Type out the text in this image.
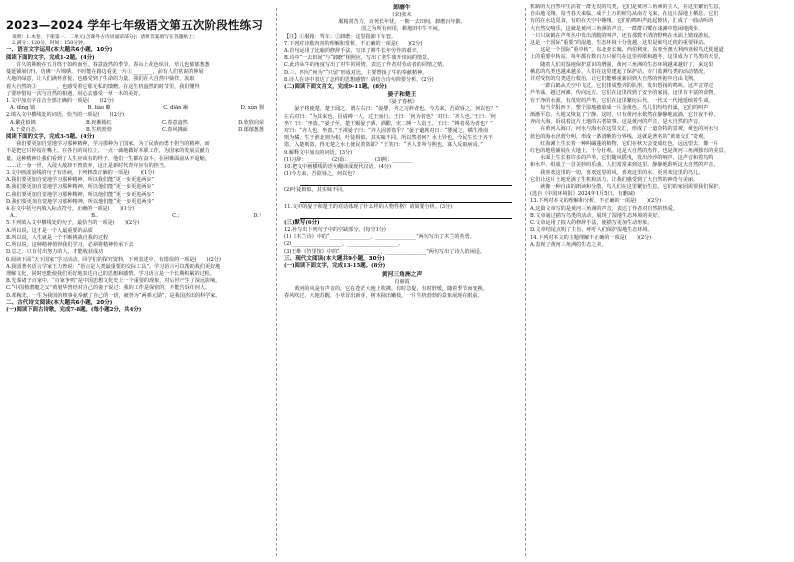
2023—2024 学年七年级语文第五次阶段性练习
说明：1.本卷，下册第一、二单元(含课外古诗词诵读部分)；请将答案填写在答题纸上；
2.满分：120分，时间：150分钟。
一、语言文字运用(本大题共6小题，10分)
阅读下面的文字，完成1-2题。(4分)
　　许久的期盼在五月终于如约而至。春意盎然的季节，春山上花色炫目，草儿也郁郁葱葱
蔓延铺展(开)，仿佛一片锦绣，不时能在路边看见一片①________，前有人们常说的伸展
大地的绿意，让人们满怀喜悦，也感受到了生命的力量。我们在大自然中徜徉，汲取
着大自然的③________，也感受着它那无私的馈赠。在这生机盎然的时节里，我们懂得
了要珍惜每一次与自然的相遇，用心去感受一草一木的美好。
1.文中加点字注音全部正确的一项是(　　)(2分)
A. dìng 镇	B. liào 瞭	C. diān 巅	D. xùn 驯
2.填入文中横线处的词语，恰当的一项是(　　)(2分)
A.繁花似锦	B.姹紫嫣红	C.春意盎然	D.欣欣向荣
A.千姿百态	B.生机勃勃	C.春风拂面	D.郁郁葱葱
阅读下面的文字，完成3-5题。(4分)
　　我们要更加自觉地学习那种精神，学习那种为了国家、为了民族而勇于担当的精神，而
不是把它只停留在嘴上。在各自的岗位上，一点一滴地做好本职工作，为国家的发展贡献力
量。这种精神让我们看到了人生应该有的样子，他们一生都在奋斗，在困难面前从不退缩，
……让一身一世，入侵大敌却不曾放弃，这正是新时代青年应有的担当。
3.文中画波浪线的句子有语病，下列修改正确的一项是(　　)(1分)
A.我们要更加自觉地学习那种精神，所以我们能“更一步更进两步”
B.我们要更加自觉地学习那种精神，所以他们能“更一步更进两步”
C.我们要更加自觉地学习那种精神，所以他们能“更一步更进两步”
D.我们要更加自觉地学习那种精神，所以他们能“更一步更进两步”
4.在文中括号内填入标点符号，正确的一项是(　　)(1分)
A.，	B.。	C.；	D.！
5.下列填入文中横线处的句子，最恰当的一项是(　　)(2分)
A.所以说，这才是一个人最重要的品质
B.所以说，人生就是一个不断挑战自我的过程
C.所以说，这种精神值得我们学习，必须将精神传承下去
D.总之，只有付出努力的人，才能收获成功
6.阅读下面“天下国家”学习活动，同学们的探究资料，下列表述中，有错误的一项是(　　)(2分)
A.我国著名语言学家王力曾说：“语言是人类最重要的交际工具”。学习语言可以帮助我们更好地
理解文化，同时也能使我们更好地表达自己的思想和感情。学习语言是一个长期积累的过程。
B.先秦诸子百家中，“百家争鸣”是中国思想文化史上一个重要的现象，对后世产生了深远影响。
C.“中国核潜艇之父”黄旭华曾经对自己的妻子说过：我的工作是保密的，不能告诉任何人。
D.邓稼先，一生为我国的核事业奉献了自己的一切，被誉为“两弹元勋”，是我国杰出的科学家。
二、古代诗文阅读(本大题共6小题，20分)
(一)阅读下面古诗歌，完成7-8题。(每小题2分，共4分)
卸磨牛
(宋)张未
服箱常苦力，百死长年忧。一朝一去田间，卸磨百年勤。
国之为所有何用，耕地田中牛不闲。
【注】①服箱：驾车；②卸磨：这里指卸下车套。
7.下列对诗歌内容的理解和赏析，不正确的一项是(　　)(2分)
A.首句运用了比喻的修辞手法，写出了耕牛长年劳作的艰辛。
B.诗中“一去田间”与“卸磨”相照应，写出了老牛离开田间的情景。
C.此诗从牛的角度写出了对牛的同情，表达了作者对劳动者的同情之情。
D.三、四句“何为”“只留”形成对比，主要赞扬了牛的奉献精神。
8.诗人在诗中表达了怎样的思想感情？请结合诗句简要分析。(2分)
(二)阅读下面文言文，完成9-11题。(8分)
晏子和楚王
《晏子春秋》
　　晏子将使楚。楚王闻之，谓左右曰：“晏婴，齐之习辞者也。今方来，吾欲辱之，何以也？”
左右对曰：“为其来也，臣请缚一人，过王而行。王曰：‘何为者也？’对曰：‘齐人也。’王曰：‘何
坐？’曰：‘坐盗。’”晏子至，楚王赐晏子酒，酒酣，吏二缚一人诣王。王曰：“缚者曷为者也？”
对曰：“齐人也，坐盗。”王视晏子曰：“齐人固善盗乎？”晏子避席对曰：“婴闻之，橘生淮南
则为橘，生于淮北则为枳，叶徒相似，其实味不同。所以然者何？水土异也。今民生长于齐不
盗，入楚则盗，得无楚之水土使民善盗耶？”王笑曰：“圣人非所与熙也，寡人反取病焉。”
9.解释文中加点的词语。(3分)
(1)习辞：________　(2)诣：________　(3)熙：________
10.把文中画横线的语句翻译成现代汉语。(4分)
(1)今方来，吾欲辱之，何以也？
(2)叶徒相似，其实味不同。
11.文中的晏子和楚王的对话体现了什么样的人物性格？请简要分析。(3分)
(三)默写(6分)
12.补写出下列句子中的空缺部分。(每空1分)
(1)《木兰诗》中的“________________，________________”两句写出了木兰的英勇。
(2)____________________，____________________。
(3)王维《竹里馆》中的“________________，________________”两句写出了诗人的闲适。
三、现代文阅读(本大题共9小题，30分)
(一)阅读下面文字，完成13-15题。(8分)
黄河三角洲之声
肖丽霞
　　黄河的风是有声音的，它在苍茫大地上吹拂。有时急促，有时舒缓，随着季节而变换。
春风吹过，大地苏醒，小草冒出新芽，树木抽出嫩枝，一片生机勃勃的景象展现在眼前。
机制的大自然中生活着一群无畏的鸟类，它们是黄河三角洲的主人，在这里繁衍生息，
自由地飞翔。每当春天来临，成千上万的候鸟从南方飞来，在这片湿地上栖息，它们
有的在水边觅食，有的在天空中翱翔。它们的鸣叫声此起彼伏，汇成了一曲动听的
大自然交响乐，这就是黄河三角洲的声音。一群群白鹭在浅滩中悠闲地漫步，
一只只灰鹤在芦苇丛中发出清脆的叫声，还有那数不清的野鸭在水面上嬉戏游玩。
这是一个国际“重要”的湿地，生态环境十分优越，这里是候鸟迁徙的重要驿站。
　　这是一个国际“重中转”，东北亚长廊，西伯利亚，东亚至澳大利西亚候鸟迁徙通道
上的重要中转站，每年都有数百万只候鸟在这里停歇和越冬，这里成为了鸟类的天堂。
　　随着人们对湿地保护意识的增强，黄河三角洲的生态环境越来越好了，来这里
栖息的鸟类也越来越多。人们在这里建起了保护站，专门监测鸟类的活动情况，
并对受伤的鸟类进行救治，让它们能够重新回到大自然的怀抱中自由飞翔。
　　一群白鹤从天空中飞过，它们排成整齐的队形，发出悠扬的鸣叫。这声音穿过
芦苇荡，越过河滩，传向远方。它们在这里找到了安全的家园，这里有丰富的食物，
有干净的水源，有茂密的芦苇。它们在这里繁衍后代，一代又一代地延续着生命。
　　每当夕阳西下，整个湿地被染成一片金黄色，鸟儿们纷纷归巢，它们的叫声
渐渐平息，大地又恢复了宁静。这时，只有黄河水依然在静静地流淌，它日夜不停，
奔向大海，诉说着这片土地的古老故事。这是黄河的声音，是大自然的声音。
　　在黄河入海口，河水与海水在这里交汇，形成了一道奇特的景观。黄色的河水与
蓝色的海水泾渭分明，形成一条清晰的分界线，这就是著名的“黄蓝交汇”奇观。
　　红海滩上生长着一种叫碱蓬的植物，它们在秋天会变成红色，远远望去，像一片
红色的地毯铺展在大地上，十分壮观。这是大自然的杰作，也是黄河三角洲独有的美景。
　　水面上生长着许多的芦苇，它们随风摇曳，发出沙沙的响声。这声音和着鸟鸣
和水声，组成了一首美妙的乐曲。人们常常来到这里，静静地聆听这大自然的声音。
　　我喜欢这里的一切，喜欢这里的风，喜欢这里的水，更喜欢这里的鸟儿。
它们让这片土地充满了生机和活力，让我们感受到了大自然的神奇与美丽。
　　就像一种自由的朗读和分散，鸟儿们在这里繁衍生息，它们的家园需要我们保护。
(选自《中国环境报》2024年1月5日，有删减)
13.下列对本文的理解和分析，不正确的一项是(　　)(2分)
A.这篇文章写的是黄河三角洲的声音，表达了作者对自然的热爱。
B.文章通过描写鸟类的活动，展现了湿地生态环境的美好。
C.文章运用了拟人的修辞手法，使描写更加生动形象。
D.文章结尾点明了主旨，呼吁人们保护湿地生态环境。
14.下列对本文的主题理解不正确的一项是(　　)(2分)
A.表现了黄河三角洲的生态之美。
